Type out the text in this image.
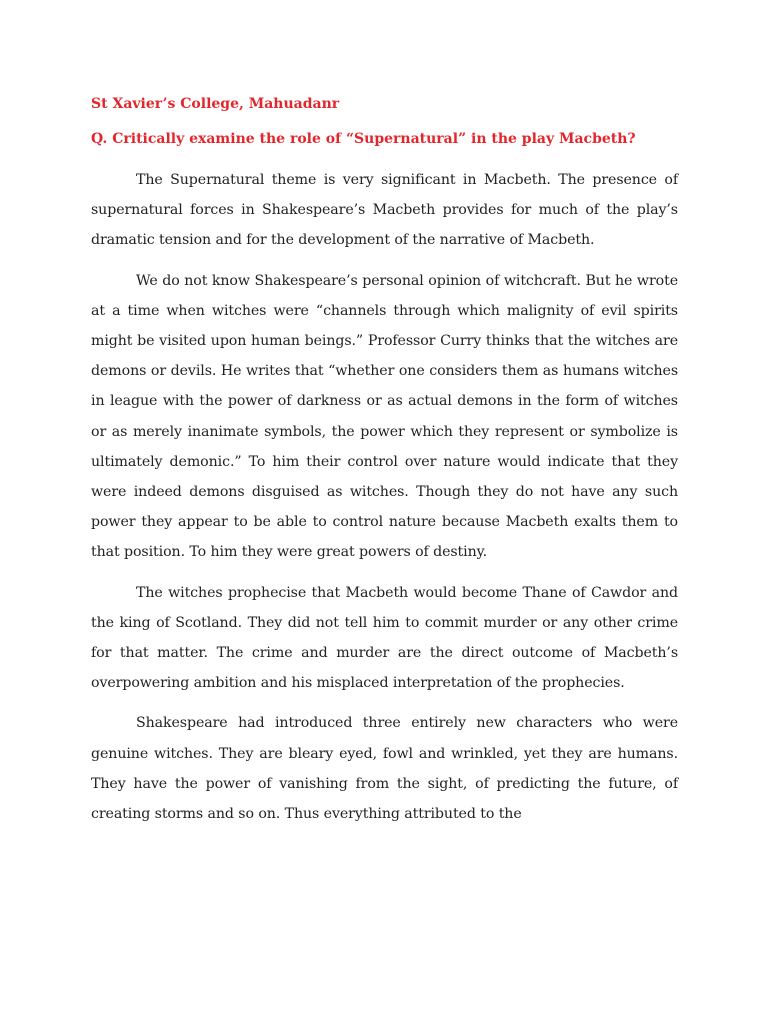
St Xavier’s College, Mahuadanr

Q. Critically examine the role of “Supernatural” in the play Macbeth?

The Supernatural theme is very significant in Macbeth. The presence of supernatural forces in Shakespeare’s Macbeth provides for much of the play’s dramatic tension and for the development of the narrative of Macbeth.

We do not know Shakespeare’s personal opinion of witchcraft. But he wrote at a time when witches were “channels through which malignity of evil spirits might be visited upon human beings.” Professor Curry thinks that the witches are demons or devils. He writes that “whether one considers them as humans witches in league with the power of darkness or as actual demons in the form of witches or as merely inanimate symbols, the power which they represent or symbolize is ultimately demonic.” To him their control over nature would indicate that they were indeed demons disguised as witches. Though they do not have any such power they appear to be able to control nature because Macbeth exalts them to that position. To him they were great powers of destiny.

The witches prophecise that Macbeth would become Thane of Cawdor and the king of Scotland. They did not tell him to commit murder or any other crime for that matter. The crime and murder are the direct outcome of Macbeth’s overpowering ambition and his misplaced interpretation of the prophecies.

Shakespeare had introduced three entirely new characters who were genuine witches. They are bleary eyed, fowl and wrinkled, yet they are humans. They have the power of vanishing from the sight, of predicting the future, of creating storms and so on. Thus everything attributed to the
